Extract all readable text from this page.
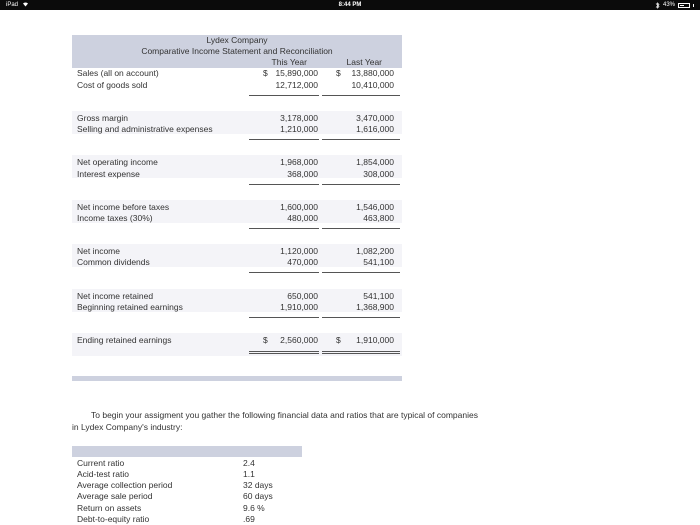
iPad	8:44 PM	43%
Lydex Company
Comparative Income Statement and Reconciliation
This Year	Last Year
Sales (all on account)	$ 15,890,000 $ 13,880,000
Cost of goods sold	12,712,000	10,410,000
Gross margin	3,178,000	3,470,000
Selling and administrative expenses	1,210,000	1,616,000
Net operating income	1,968,000	1,854,000
Interest expense	368,000	308,000
Net income before taxes	1,600,000	1,546,000
Income taxes (30%)	480,000	463,800
Net income	1,120,000	1,082,200
Common dividends	470,000	541,100
Net income retained	650,000	541,100
Beginning retained earnings	1,910,000	1,368,900
Ending retained earnings	$ 2,560,000 $ 1,910,000
To begin your assigment you gather the following financial data and ratios that are typical of companies
in Lydex Company's industry:
Current ratio	2.4
Acid-test ratio	1.1
Average collection period	32 days
Average sale period	60 days
Return on assets	9.6 %
Debt-to-equity ratio	.69
